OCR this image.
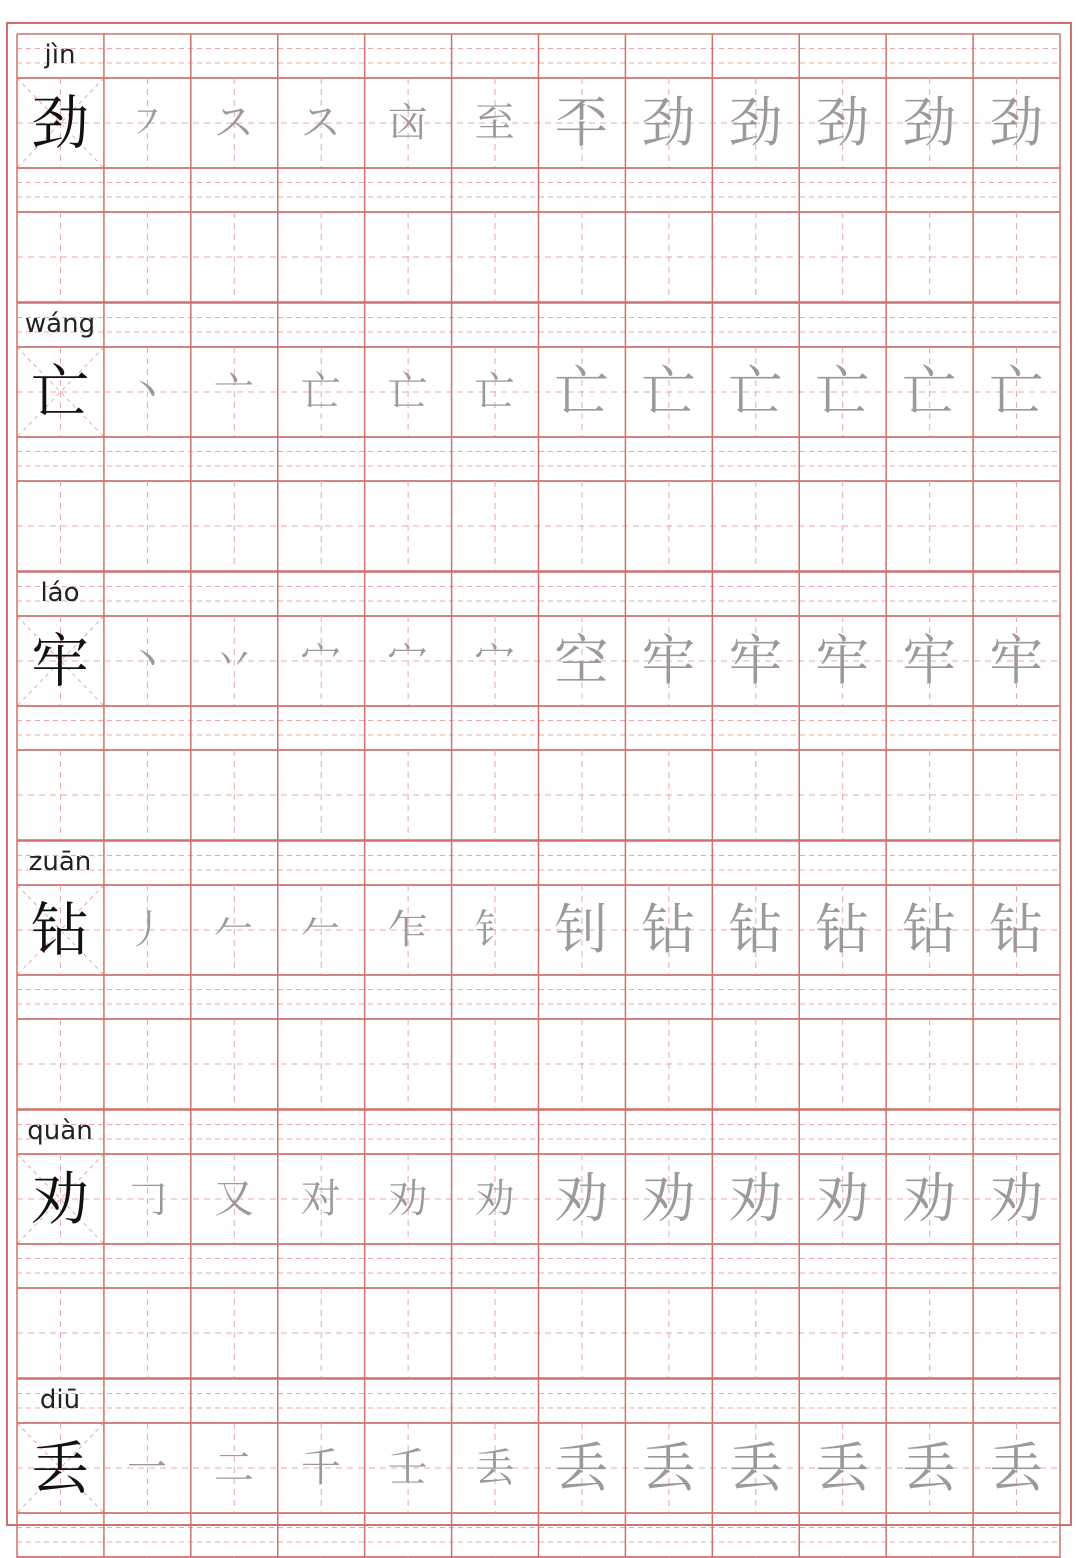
jìn
劲 ㇇	ス	ス	㐫	至 㔻 劲 劲 劲 劲 劲
wáng
亡 丶	亠	亡	亡	亡 亡 亡 亡 亡 亡 亡
láo
牢 丶	丷	宀	宀	宀 空 牢 牢 牢 牢 牢
zuān
钻 丿	𠂉	𠂉	乍	钅 钊 钻 钻 钻 钻 钻
quàn
劝 𠃌	又	对	劝	劝 劝 劝 劝 劝 劝 劝
diū
丢 一	二	千	壬	丢 丢 丢 丢 丢 丢 丢
